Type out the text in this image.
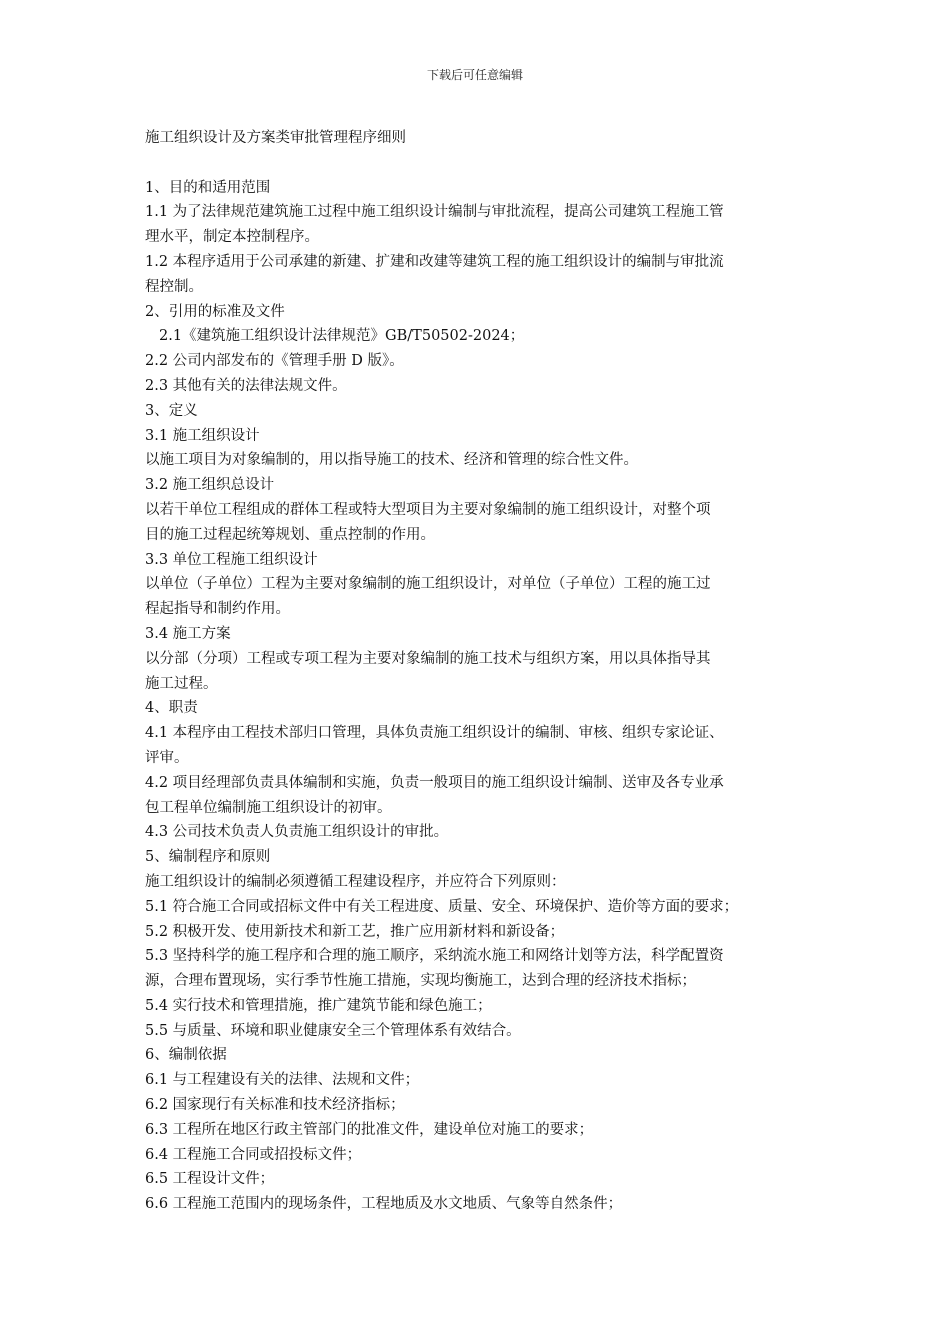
下载后可任意编辑
施工组织设计及方案类审批管理程序细则
1、目的和适用范围
1.1 为了法律规范建筑施工过程中施工组织设计编制与审批流程，提高公司建筑工程施工管
理水平，制定本控制程序。
1.2 本程序适用于公司承建的新建、扩建和改建等建筑工程的施工组织设计的编制与审批流
程控制。
2、引用的标准及文件
2.1《建筑施工组织设计法律规范》GB/T50502-2024；
2.2 公司内部发布的《管理手册 D 版》。
2.3 其他有关的法律法规文件。
3、定义
3.1 施工组织设计
以施工项目为对象编制的，用以指导施工的技术、经济和管理的综合性文件。
3.2 施工组织总设计
以若干单位工程组成的群体工程或特大型项目为主要对象编制的施工组织设计，对整个项
目的施工过程起统筹规划、重点控制的作用。
3.3 单位工程施工组织设计
以单位（子单位）工程为主要对象编制的施工组织设计，对单位（子单位）工程的施工过
程起指导和制约作用。
3.4 施工方案
以分部（分项）工程或专项工程为主要对象编制的施工技术与组织方案，用以具体指导其
施工过程。
4、职责
4.1 本程序由工程技术部归口管理，具体负责施工组织设计的编制、审核、组织专家论证、
评审。
4.2 项目经理部负责具体编制和实施，负责一般项目的施工组织设计编制、送审及各专业承
包工程单位编制施工组织设计的初审。
4.3 公司技术负责人负责施工组织设计的审批。
5、编制程序和原则
施工组织设计的编制必须遵循工程建设程序，并应符合下列原则：
5.1 符合施工合同或招标文件中有关工程进度、质量、安全、环境保护、造价等方面的要求；
5.2 积极开发、使用新技术和新工艺，推广应用新材料和新设备；
5.3 坚持科学的施工程序和合理的施工顺序，采纳流水施工和网络计划等方法，科学配置资
源，合理布置现场，实行季节性施工措施，实现均衡施工，达到合理的经济技术指标；
5.4 实行技术和管理措施，推广建筑节能和绿色施工；
5.5 与质量、环境和职业健康安全三个管理体系有效结合。
6、编制依据
6.1 与工程建设有关的法律、法规和文件；
6.2 国家现行有关标准和技术经济指标；
6.3 工程所在地区行政主管部门的批准文件，建设单位对施工的要求；
6.4 工程施工合同或招投标文件；
6.5 工程设计文件；
6.6 工程施工范围内的现场条件，工程地质及水文地质、气象等自然条件；
